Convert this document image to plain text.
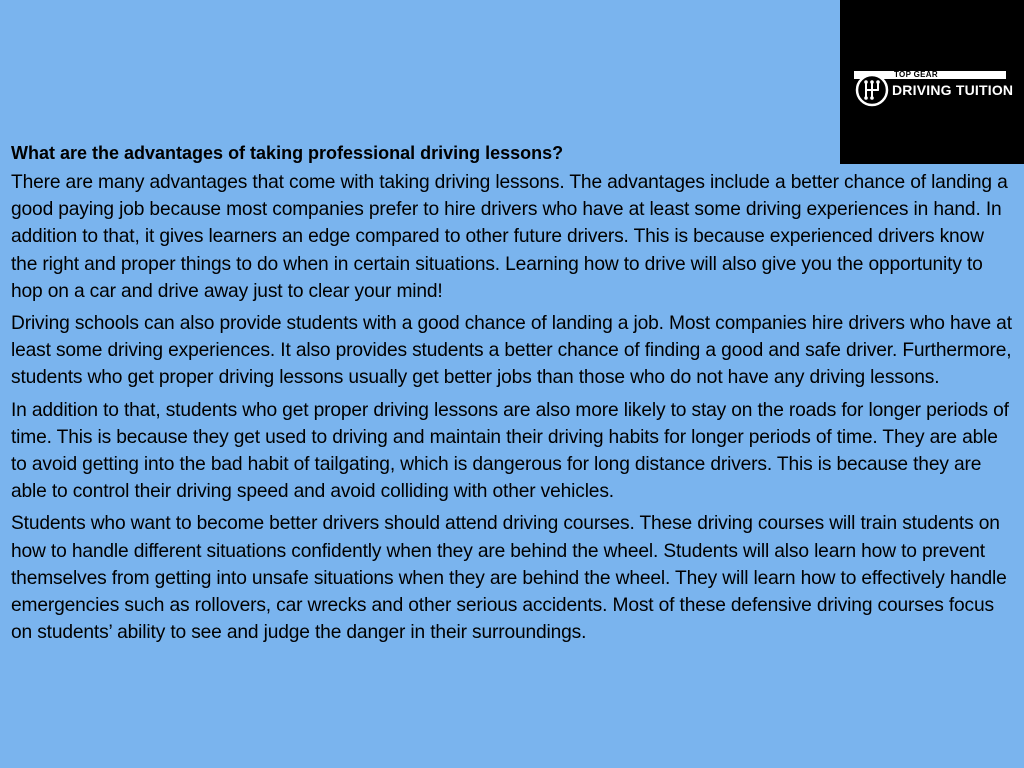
TOP GEAR
DRIVING TUITION
What are the advantages of taking professional driving lessons?

There are many advantages that come with taking driving lessons. The advantages include a better chance of landing a good paying job because most companies prefer to hire drivers who have at least some driving experiences in hand. In addition to that, it gives learners an edge compared to other future drivers. This is because experienced drivers know the right and proper things to do when in certain situations. Learning how to drive will also give you the opportunity to hop on a car and drive away just to clear your mind!

Driving schools can also provide students with a good chance of landing a job. Most companies hire drivers who have at least some driving experiences. It also provides students a better chance of finding a good and safe driver. Furthermore, students who get proper driving lessons usually get better jobs than those who do not have any driving lessons.

In addition to that, students who get proper driving lessons are also more likely to stay on the roads for longer periods of time. This is because they get used to driving and maintain their driving habits for longer periods of time. They are able to avoid getting into the bad habit of tailgating, which is dangerous for long distance drivers. This is because they are able to control their driving speed and avoid colliding with other vehicles.

Students who want to become better drivers should attend driving courses. These driving courses will train students on how to handle different situations confidently when they are behind the wheel. Students will also learn how to prevent themselves from getting into unsafe situations when they are behind the wheel. They will learn how to effectively handle emergencies such as rollovers, car wrecks and other serious accidents. Most of these defensive driving courses focus on students’ ability to see and judge the danger in their surroundings.
